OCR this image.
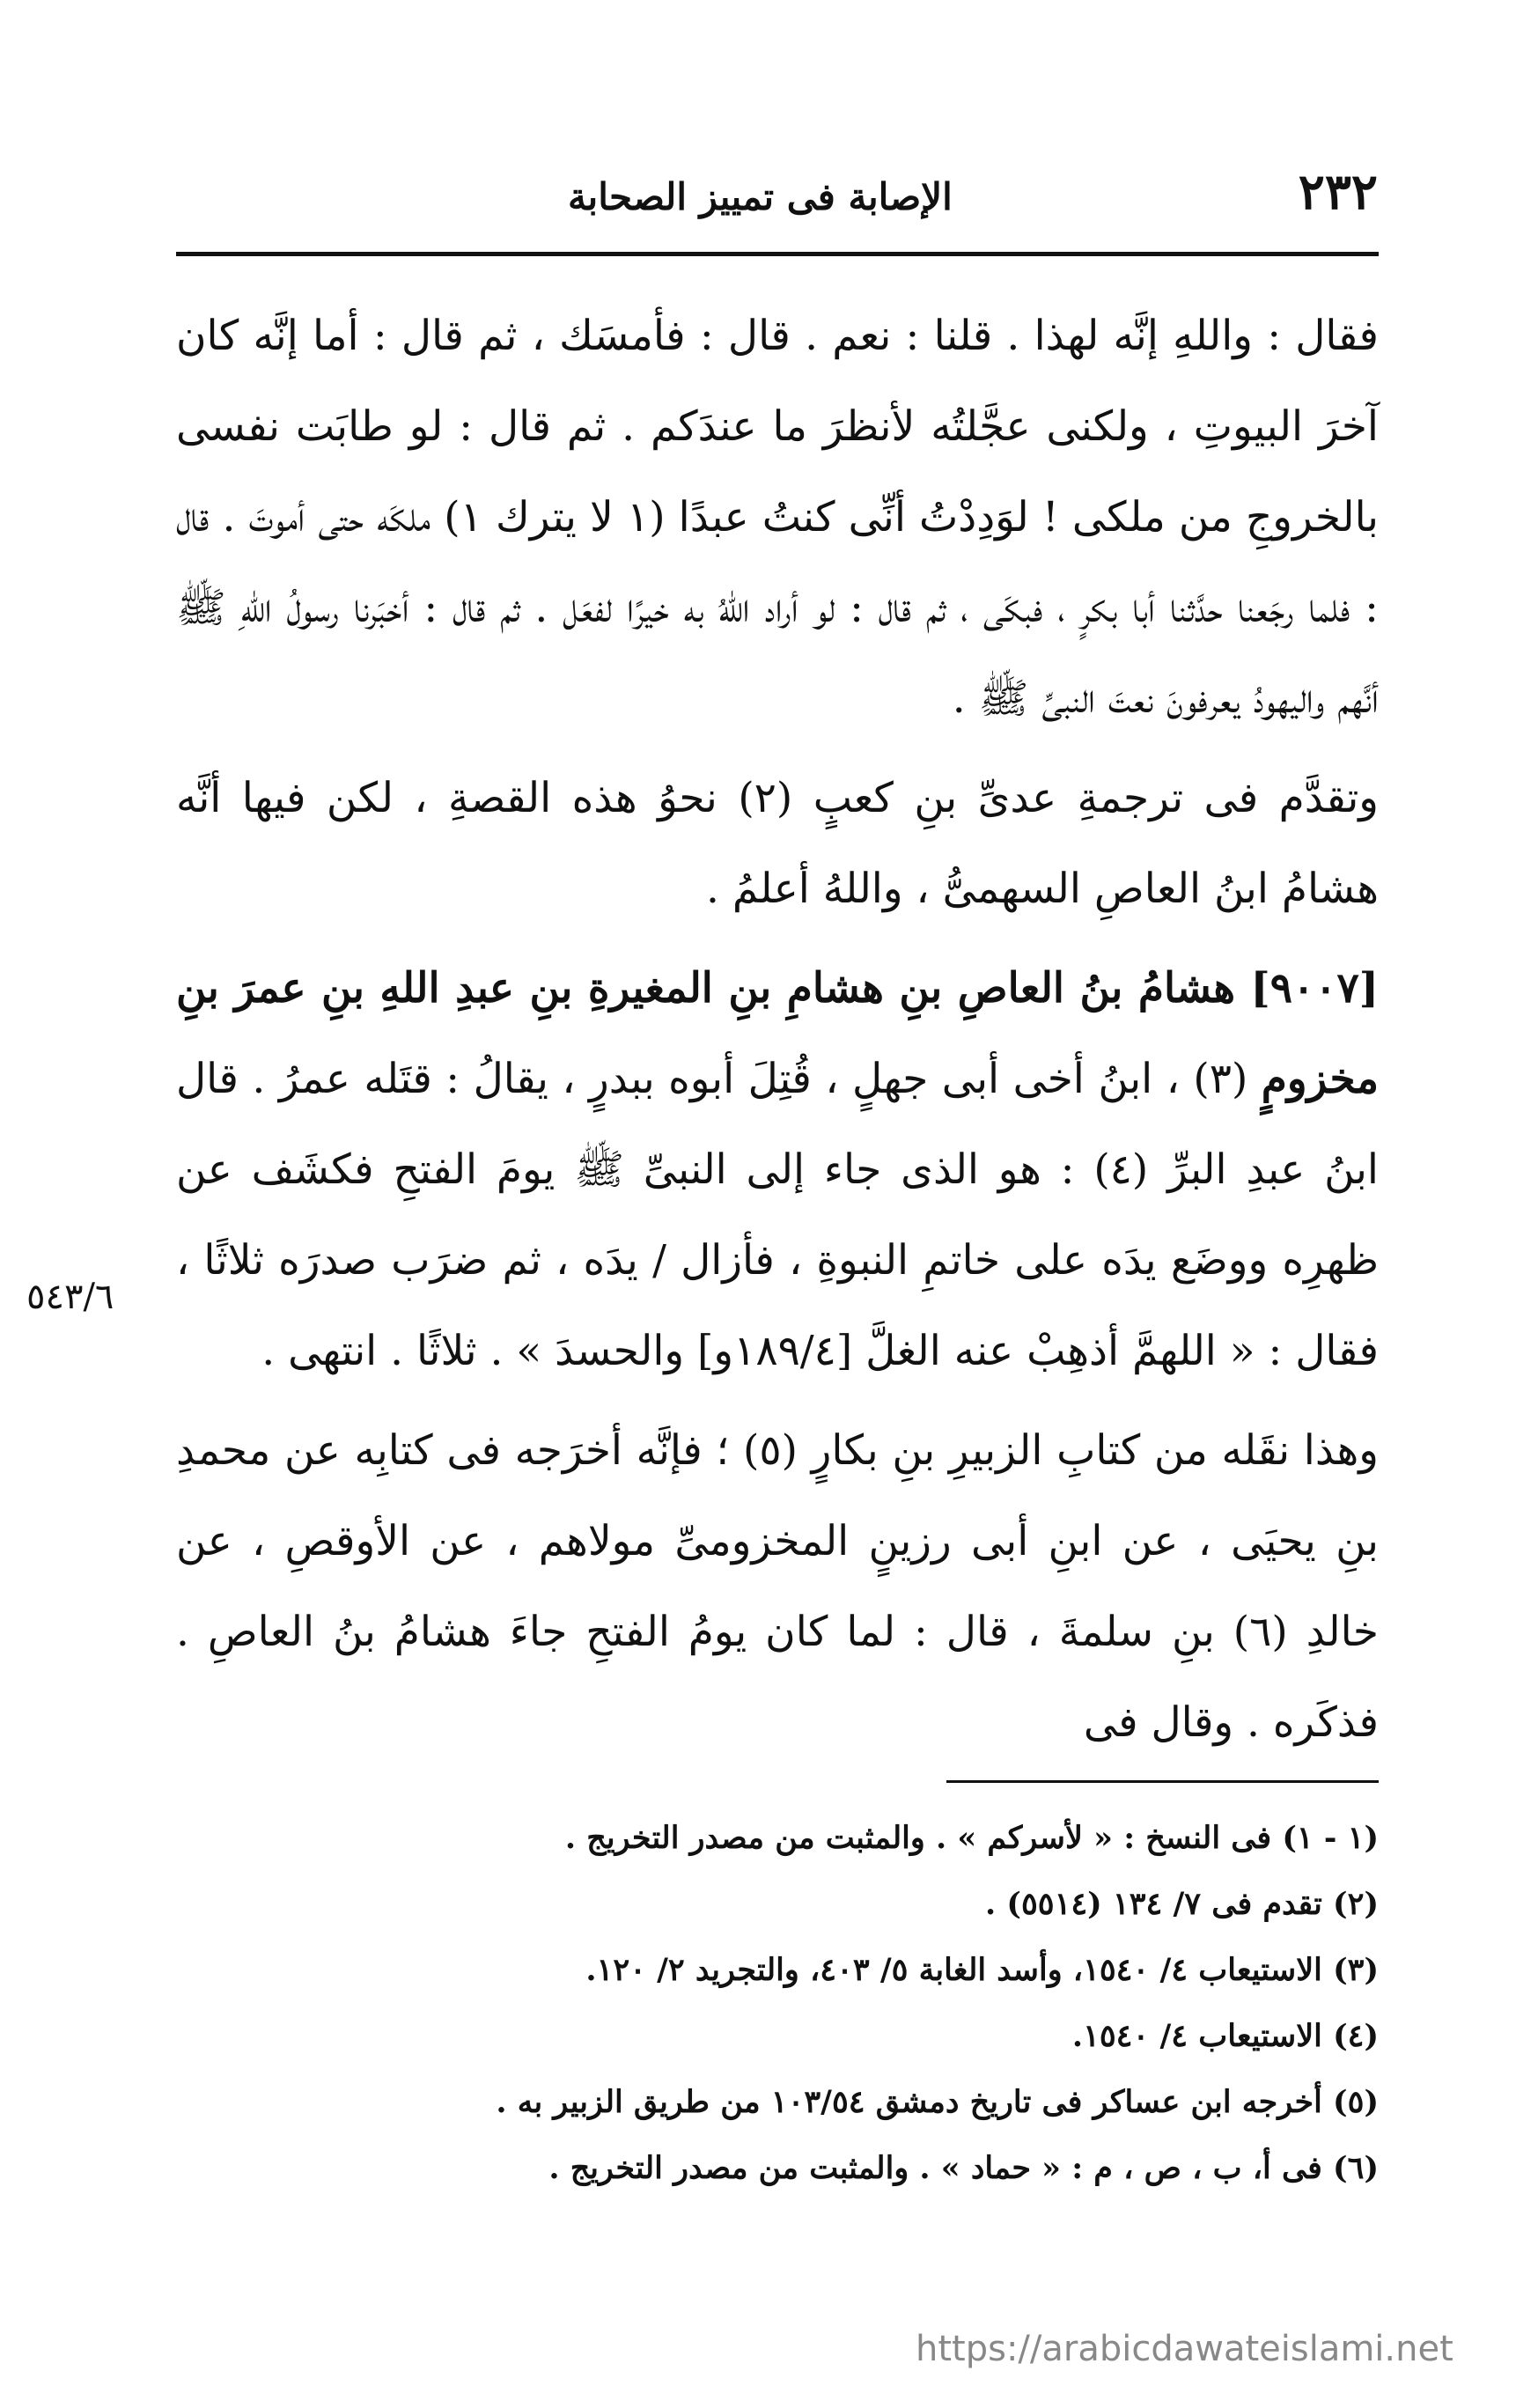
٢٣٢
الإصابة فى تمييز الصحابة

فقال : واللهِ إنَّه لهذا . قلنا : نعم . قال : فأمسَك ، ثم قال : أما إنَّه كان آخرَ البيوتِ ، ولكنى عجَّلتُه لأنظرَ ما عندَكم . ثم قال : لو طابَت نفسى بالخروجِ من ملكى ! لوَدِدْتُ أنِّى كنتُ عبدًا (١ لا يترك ١) ملكَه حتى أموتَ . قال : فلما رجَعنا حدَّثنا أبا بكرٍ ، فبكَى ، ثم قال : لو أراد اللهُ به خيرًا لفعَل . ثم قال : أخبَرنا رسولُ اللهِ ﷺ أنَّهم واليهودُ يعرفونَ نعتَ النبىِّ ﷺ .

وتقدَّم فى ترجمةِ عدىِّ بنِ كعبٍ (٢) نحوُ هذه القصةِ ، لكن فيها أنَّه هشامُ ابنُ العاصِ السهمىُّ ، واللهُ أعلمُ .

[٩٠٠٧] هشامُ بنُ العاصِ بنِ هشامِ بنِ المغيرةِ بنِ عبدِ اللهِ بنِ عمرَ بنِ مخزومٍ (٣) ، ابنُ أخى أبى جهلٍ ، قُتِلَ أبوه ببدرٍ ، يقالُ : قتَله عمرُ . قال ابنُ عبدِ البرِّ (٤) : هو الذى جاء إلى النبىِّ ﷺ يومَ الفتحِ فكشَف عن ظهرِه ووضَع يدَه على خاتمِ النبوةِ ، فأزال / يدَه ، ثم ضرَب صدرَه ثلاثًا ، فقال : « اللهمَّ أذهِبْ عنه الغلَّ [١٨٩/٤و] والحسدَ » . ثلاثًا . انتهى .

وهذا نقَله من كتابِ الزبيرِ بنِ بكارٍ (٥) ؛ فإنَّه أخرَجه فى كتابِه عن محمدِ بنِ يحيَى ، عن ابنِ أبى رزينٍ المخزومىِّ مولاهم ، عن الأوقصِ ، عن خالدِ (٦) بنِ سلمةَ ، قال : لما كان يومُ الفتحِ جاءَ هشامُ بنُ العاصِ . فذكَره . وقال فى

٥٤٣/٦
(١ - ١) فى النسخ : « لأسركم » . والمثبت من مصدر التخريج .
(٢) تقدم فى ٧/ ١٣٤ (٥٥١٤) .
(٣) الاستيعاب ٤/ ١٥٤٠، وأسد الغابة ٥/ ٤٠٣، والتجريد ٢/ ١٢٠.
(٤) الاستيعاب ٤/ ١٥٤٠.
(٥) أخرجه ابن عساكر فى تاريخ دمشق ١٠٣/٥٤ من طريق الزبير به .
(٦) فى أ، ب ، ص ، م : « حماد » . والمثبت من مصدر التخريج .
https://arabicdawateislami.net
